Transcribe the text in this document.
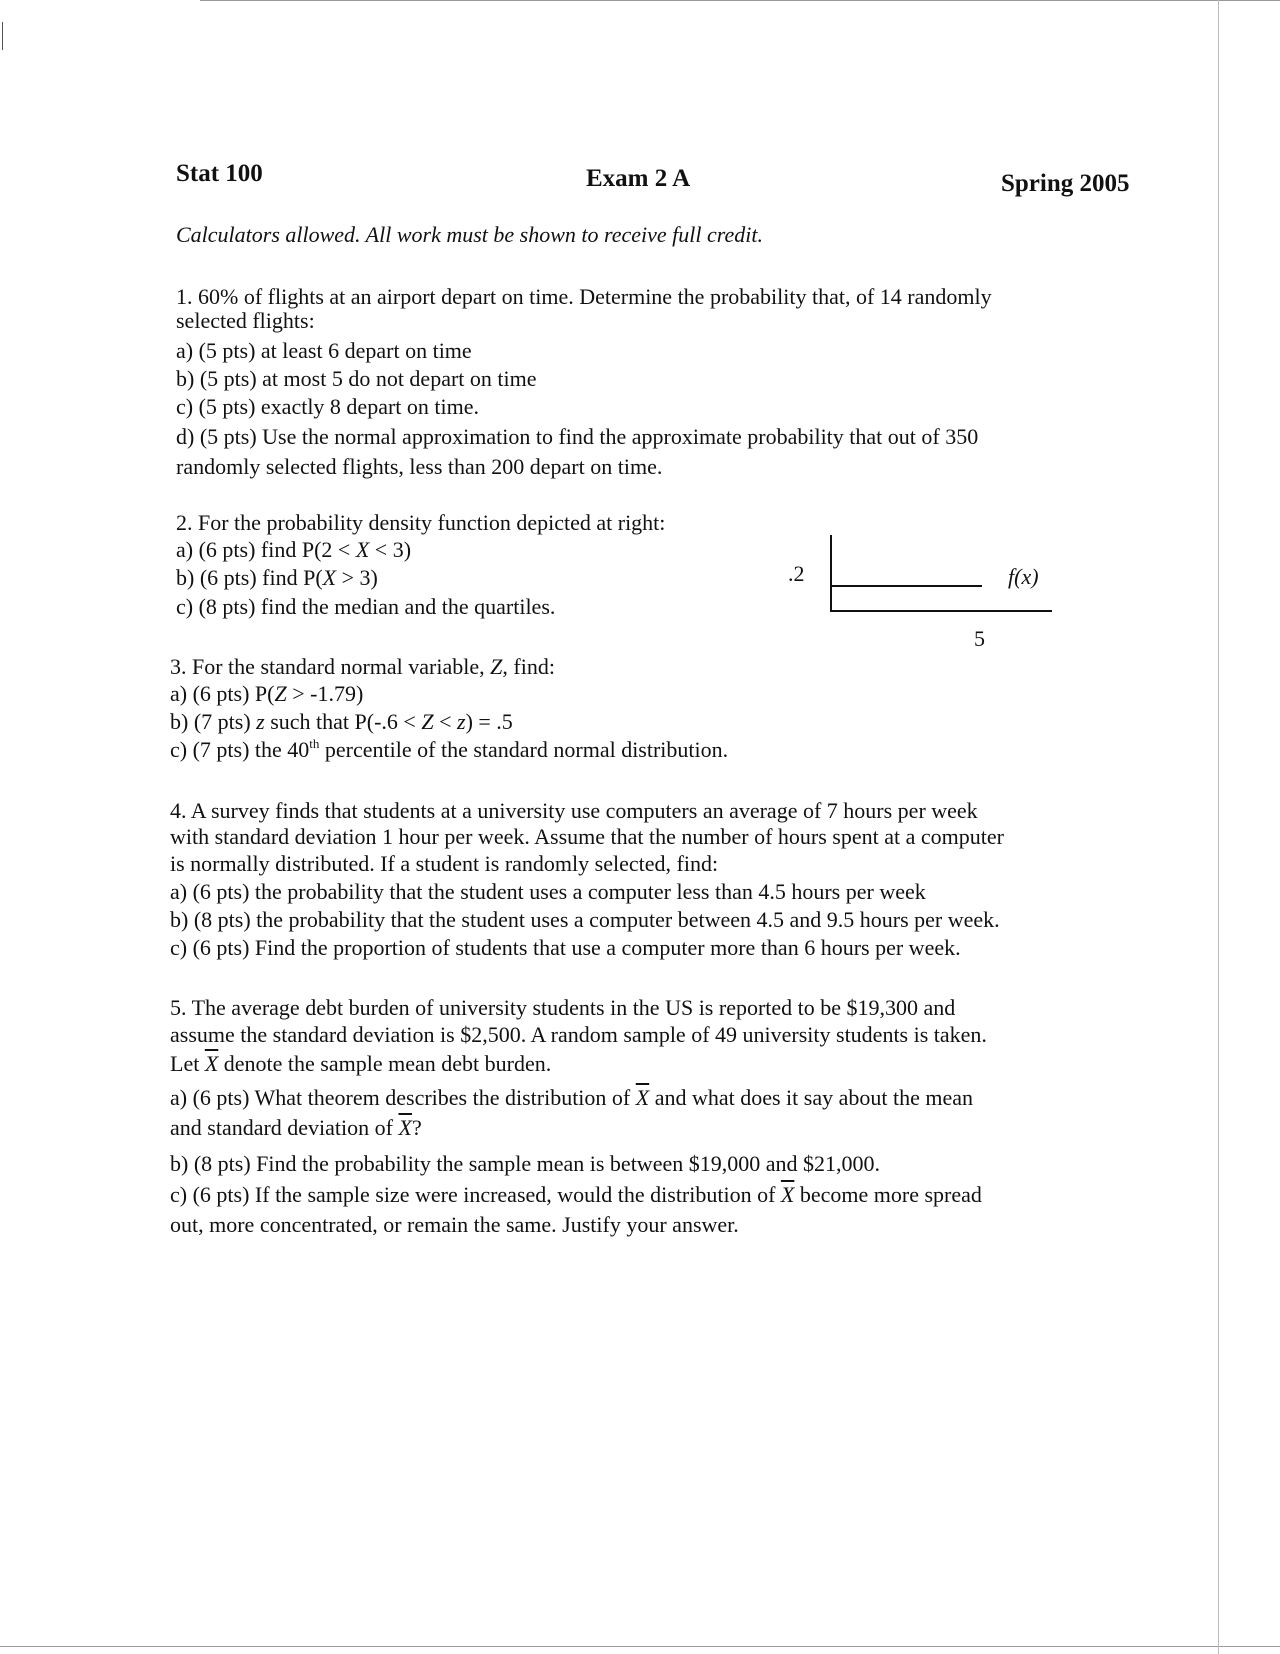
Stat 100	Exam 2 A	Spring 2005
Calculators allowed. All work must be shown to receive full credit.
1. 60% of flights at an airport depart on time. Determine the probability that, of 14 randomly
selected flights:
a) (5 pts) at least 6 depart on time
b) (5 pts) at most 5 do not depart on time
c) (5 pts) exactly 8 depart on time.
d) (5 pts) Use the normal approximation to find the approximate probability that out of 350
randomly selected flights, less than 200 depart on time.
2. For the probability density function depicted at right:
a) (6 pts) find P(2 < X < 3)
b) (6 pts) find P(X > 3)
c) (8 pts) find the median and the quartiles.
.2
5
f(x)
3. For the standard normal variable, Z, find:
a) (6 pts) P(Z > -1.79)
b) (7 pts) z such that P(-.6 < Z < z) = .5
c) (7 pts) the 40th percentile of the standard normal distribution.
4. A survey finds that students at a university use computers an average of 7 hours per week
with standard deviation 1 hour per week. Assume that the number of hours spent at a computer
is normally distributed. If a student is randomly selected, find:
a) (6 pts) the probability that the student uses a computer less than 4.5 hours per week
b) (8 pts) the probability that the student uses a computer between 4.5 and 9.5 hours per week.
c) (6 pts) Find the proportion of students that use a computer more than 6 hours per week.
5. The average debt burden of university students in the US is reported to be $19,300 and
assume the standard deviation is $2,500. A random sample of 49 university students is taken.
Let $\overline{X}$ denote the sample mean debt burden.
a) (6 pts) What theorem describes the distribution of $\overline{X}$ and what does it say about the mean
and standard deviation of $\overline{X}$?
b) (8 pts) Find the probability the sample mean is between $19,000 and $21,000.
c) (6 pts) If the sample size were increased, would the distribution of $\overline{X}$ become more spread
out, more concentrated, or remain the same. Justify your answer.
